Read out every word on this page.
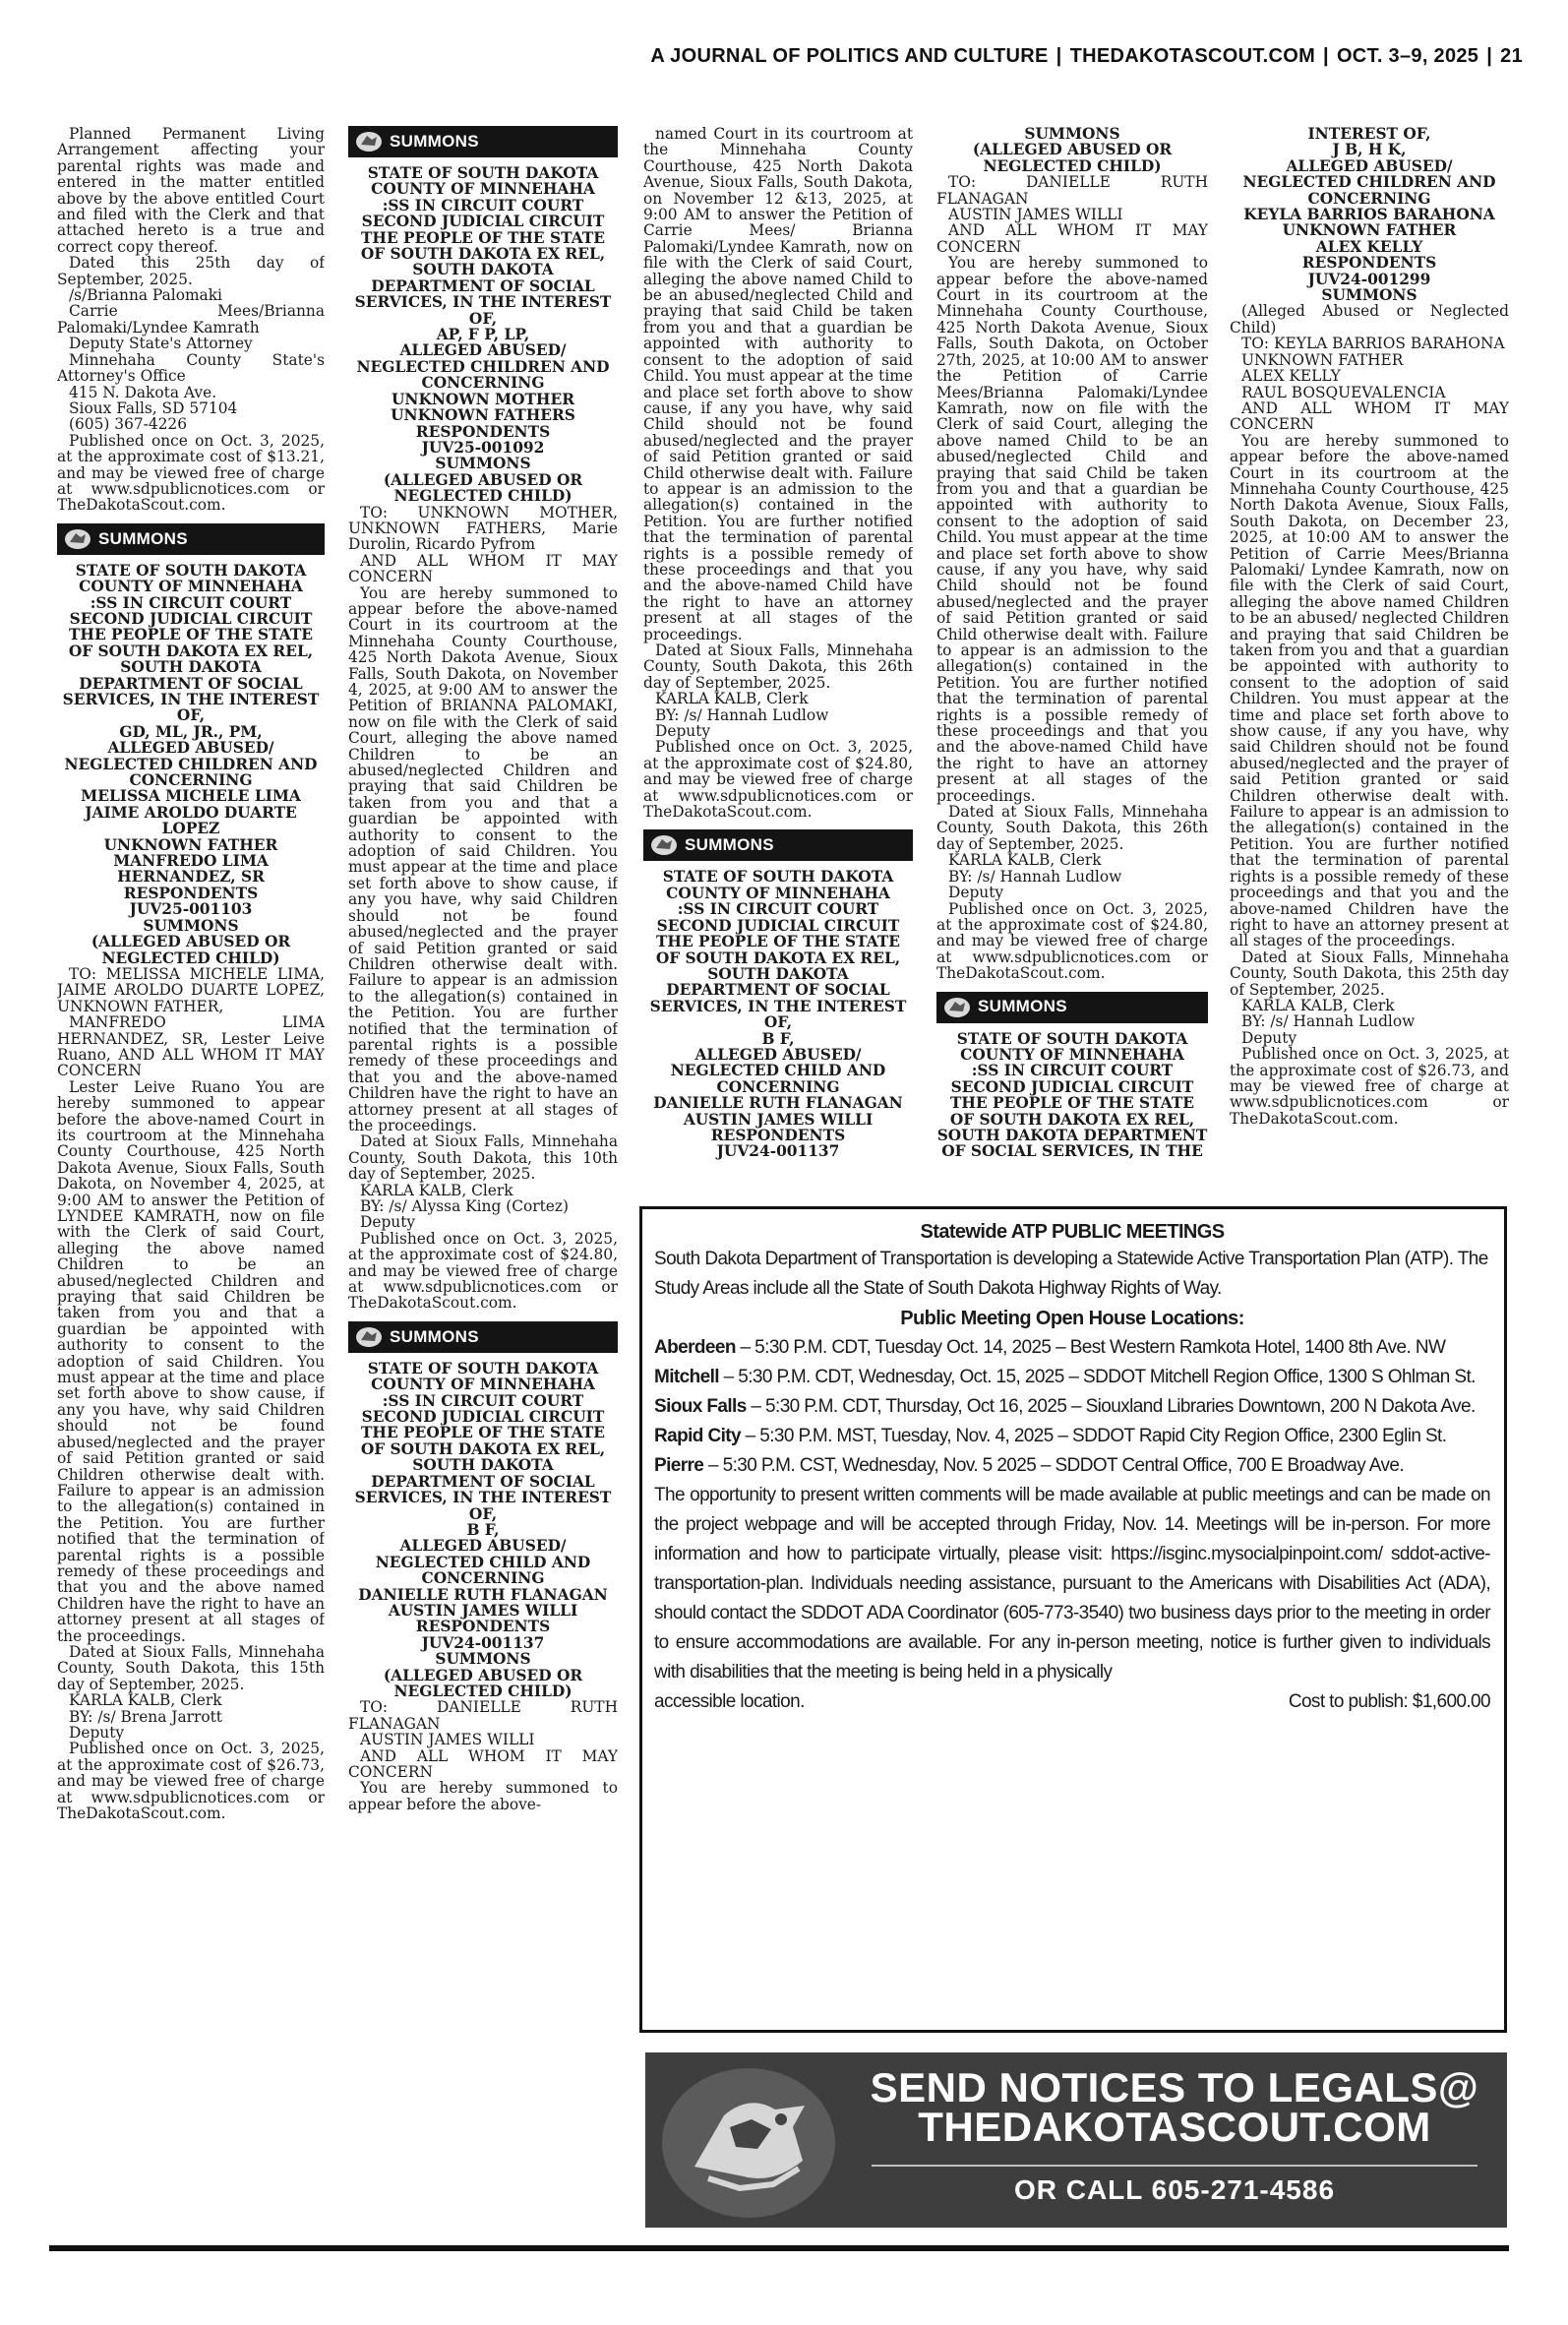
A JOURNAL OF POLITICS AND CULTURE | THEDAKOTASCOUT.COM | OCT. 3–9, 2025 | 21

Planned Permanent Living Arrangement affecting your parental rights was made and entered in the matter entitled above by the above entitled Court and filed with the Clerk and that attached hereto is a true and correct copy thereof.

Dated this 25th day of September, 2025.

/s/Brianna Palomaki

Carrie Mees/Brianna Palomaki/Lyndee Kamrath

Deputy State's Attorney

Minnehaha County State's Attorney's Office

415 N. Dakota Ave.

Sioux Falls, SD 57104

(605) 367-4226

Published once on Oct. 3, 2025, at the approximate cost of $13.21, and may be viewed free of charge at www.sdpublicnotices.com or TheDakotaScout.com.

SUMMONS

STATE OF SOUTH DAKOTA
COUNTY OF MINNEHAHA
:SS IN CIRCUIT COURT
SECOND JUDICIAL CIRCUIT
THE PEOPLE OF THE STATE OF SOUTH DAKOTA EX REL, SOUTH DAKOTA DEPARTMENT OF SOCIAL SERVICES, IN THE INTEREST OF,
GD, ML, JR., PM,
ALLEGED ABUSED/ NEGLECTED CHILDREN AND CONCERNING
MELISSA MICHELE LIMA
JAIME AROLDO DUARTE LOPEZ
UNKNOWN FATHER
MANFREDO LIMA HERNANDEZ, SR
RESPONDENTS
JUV25-001103
SUMMONS
(ALLEGED ABUSED OR NEGLECTED CHILD)

TO: MELISSA MICHELE LIMA, JAIME AROLDO DUARTE LOPEZ, UNKNOWN FATHER,

MANFREDO LIMA HERNANDEZ, SR, Lester Leive Ruano, AND ALL WHOM IT MAY CONCERN

Lester Leive Ruano You are hereby summoned to appear before the above-named Court in its courtroom at the Minnehaha County Courthouse, 425 North Dakota Avenue, Sioux Falls, South Dakota, on November 4, 2025, at 9:00 AM to answer the Petition of LYNDEE KAMRATH, now on file with the Clerk of said Court, alleging the above named Children to be an abused/neglected Children and praying that said Children be taken from you and that a guardian be appointed with authority to consent to the adoption of said Children. You must appear at the time and place set forth above to show cause, if any you have, why said Children should not be found abused/neglected and the prayer of said Petition granted or said Children otherwise dealt with. Failure to appear is an admission to the allegation(s) contained in the Petition. You are further notified that the termination of parental rights is a possible remedy of these proceedings and that you and the above named Children have the right to have an attorney present at all stages of the proceedings.

Dated at Sioux Falls, Minnehaha County, South Dakota, this 15th day of September, 2025.

KARLA KALB, Clerk

BY: /s/ Brena Jarrott

Deputy

Published once on Oct. 3, 2025, at the approximate cost of $26.73, and may be viewed free of charge at www.sdpublicnotices.com or TheDakotaScout.com.

SUMMONS

STATE OF SOUTH DAKOTA
COUNTY OF MINNEHAHA
:SS IN CIRCUIT COURT
SECOND JUDICIAL CIRCUIT
THE PEOPLE OF THE STATE OF SOUTH DAKOTA EX REL, SOUTH DAKOTA DEPARTMENT OF SOCIAL SERVICES, IN THE INTEREST OF,
AP, F P, LP,
ALLEGED ABUSED/ NEGLECTED CHILDREN AND CONCERNING
UNKNOWN MOTHER
UNKNOWN FATHERS
RESPONDENTS
JUV25-001092
SUMMONS
(ALLEGED ABUSED OR NEGLECTED CHILD)

TO: UNKNOWN MOTHER, UNKNOWN FATHERS, Marie Durolin, Ricardo Pyfrom

AND ALL WHOM IT MAY CONCERN

You are hereby summoned to appear before the above-named Court in its courtroom at the Minnehaha County Courthouse, 425 North Dakota Avenue, Sioux Falls, South Dakota, on November 4, 2025, at 9:00 AM to answer the Petition of BRIANNA PALOMAKI, now on file with the Clerk of said Court, alleging the above named Children to be an abused/neglected Children and praying that said Children be taken from you and that a guardian be appointed with authority to consent to the adoption of said Children. You must appear at the time and place set forth above to show cause, if any you have, why said Children should not be found abused/neglected and the prayer of said Petition granted or said Children otherwise dealt with. Failure to appear is an admission to the allegation(s) contained in the Petition. You are further notified that the termination of parental rights is a possible remedy of these proceedings and that you and the above-named Children have the right to have an attorney present at all stages of the proceedings.

Dated at Sioux Falls, Minnehaha County, South Dakota, this 10th day of September, 2025.

KARLA KALB, Clerk

BY: /s/ Alyssa King (Cortez)

Deputy

Published once on Oct. 3, 2025, at the approximate cost of $24.80, and may be viewed free of charge at www.sdpublicnotices.com or TheDakotaScout.com.

SUMMONS

STATE OF SOUTH DAKOTA
COUNTY OF MINNEHAHA
:SS IN CIRCUIT COURT
SECOND JUDICIAL CIRCUIT
THE PEOPLE OF THE STATE OF SOUTH DAKOTA EX REL, SOUTH DAKOTA DEPARTMENT OF SOCIAL SERVICES, IN THE INTEREST OF,
B F,
ALLEGED ABUSED/ NEGLECTED CHILD AND CONCERNING
DANIELLE RUTH FLANAGAN
AUSTIN JAMES WILLI
RESPONDENTS
JUV24-001137
SUMMONS
(ALLEGED ABUSED OR NEGLECTED CHILD)

TO: DANIELLE RUTH FLANAGAN

AUSTIN JAMES WILLI

AND ALL WHOM IT MAY CONCERN

You are hereby summoned to appear before the above-

named Court in its courtroom at the Minnehaha County Courthouse, 425 North Dakota Avenue, Sioux Falls, South Dakota, on November 12 &13, 2025, at 9:00 AM to answer the Petition of Carrie Mees/ Brianna Palomaki/Lyndee Kamrath, now on file with the Clerk of said Court, alleging the above named Child to be an abused/neglected Child and praying that said Child be taken from you and that a guardian be appointed with authority to consent to the adoption of said Child. You must appear at the time and place set forth above to show cause, if any you have, why said Child should not be found abused/neglected and the prayer of said Petition granted or said Child otherwise dealt with. Failure to appear is an admission to the allegation(s) contained in the Petition. You are further notified that the termination of parental rights is a possible remedy of these proceedings and that you and the above-named Child have the right to have an attorney present at all stages of the proceedings.

Dated at Sioux Falls, Minnehaha County, South Dakota, this 26th day of September, 2025.

KARLA KALB, Clerk

BY: /s/ Hannah Ludlow

Deputy

Published once on Oct. 3, 2025, at the approximate cost of $24.80, and may be viewed free of charge at www.sdpublicnotices.com or TheDakotaScout.com.

SUMMONS

STATE OF SOUTH DAKOTA
COUNTY OF MINNEHAHA
:SS IN CIRCUIT COURT
SECOND JUDICIAL CIRCUIT
THE PEOPLE OF THE STATE OF SOUTH DAKOTA EX REL, SOUTH DAKOTA DEPARTMENT OF SOCIAL SERVICES, IN THE INTEREST OF,
B F,
ALLEGED ABUSED/ NEGLECTED CHILD AND CONCERNING
DANIELLE RUTH FLANAGAN
AUSTIN JAMES WILLI
RESPONDENTS
JUV24-001137

SUMMONS
(ALLEGED ABUSED OR NEGLECTED CHILD)

TO: DANIELLE RUTH FLANAGAN

AUSTIN JAMES WILLI

AND ALL WHOM IT MAY CONCERN

You are hereby summoned to appear before the above-named Court in its courtroom at the Minnehaha County Courthouse, 425 North Dakota Avenue, Sioux Falls, South Dakota, on October 27th, 2025, at 10:00 AM to answer the Petition of Carrie Mees/Brianna Palomaki/Lyndee Kamrath, now on file with the Clerk of said Court, alleging the above named Child to be an abused/neglected Child and praying that said Child be taken from you and that a guardian be appointed with authority to consent to the adoption of said Child. You must appear at the time and place set forth above to show cause, if any you have, why said Child should not be found abused/neglected and the prayer of said Petition granted or said Child otherwise dealt with. Failure to appear is an admission to the allegation(s) contained in the Petition. You are further notified that the termination of parental rights is a possible remedy of these proceedings and that you and the above-named Child have the right to have an attorney present at all stages of the proceedings.

Dated at Sioux Falls, Minnehaha County, South Dakota, this 26th day of September, 2025.

KARLA KALB, Clerk

BY: /s/ Hannah Ludlow

Deputy

Published once on Oct. 3, 2025, at the approximate cost of $24.80, and may be viewed free of charge at www.sdpublicnotices.com or TheDakotaScout.com.

SUMMONS

STATE OF SOUTH DAKOTA
COUNTY OF MINNEHAHA
:SS IN CIRCUIT COURT
SECOND JUDICIAL CIRCUIT
THE PEOPLE OF THE STATE OF SOUTH DAKOTA EX REL, SOUTH DAKOTA DEPARTMENT OF SOCIAL SERVICES, IN THE

INTEREST OF,
J B, H K,
ALLEGED ABUSED/ NEGLECTED CHILDREN AND CONCERNING
KEYLA BARRIOS BARAHONA
UNKNOWN FATHER
ALEX KELLY
RESPONDENTS
JUV24-001299
SUMMONS

(Alleged Abused or Neglected Child)

TO: KEYLA BARRIOS BARAHONA

UNKNOWN FATHER

ALEX KELLY

RAUL BOSQUEVALENCIA

AND ALL WHOM IT MAY CONCERN

You are hereby summoned to appear before the above-named Court in its courtroom at the Minnehaha County Courthouse, 425 North Dakota Avenue, Sioux Falls, South Dakota, on December 23, 2025, at 10:00 AM to answer the Petition of Carrie Mees/Brianna Palomaki/ Lyndee Kamrath, now on file with the Clerk of said Court, alleging the above named Children to be an abused/ neglected Children and praying that said Children be taken from you and that a guardian be appointed with authority to consent to the adoption of said Children. You must appear at the time and place set forth above to show cause, if any you have, why said Children should not be found abused/neglected and the prayer of said Petition granted or said Children otherwise dealt with. Failure to appear is an admission to the allegation(s) contained in the Petition. You are further notified that the termination of parental rights is a possible remedy of these proceedings and that you and the above-named Children have the right to have an attorney present at all stages of the proceedings.

Dated at Sioux Falls, Minnehaha County, South Dakota, this 25th day of September, 2025.

KARLA KALB, Clerk

BY: /s/ Hannah Ludlow

Deputy

Published once on Oct. 3, 2025, at the approximate cost of $26.73, and may be viewed free of charge at www.sdpublicnotices.com or TheDakotaScout.com.

Statewide ATP PUBLIC MEETINGS

South Dakota Department of Transportation is developing a Statewide Active Transportation Plan (ATP). The Study Areas include all the State of South Dakota Highway Rights of Way.

Public Meeting Open House Locations:

Aberdeen – 5:30 P.M. CDT, Tuesday Oct. 14, 2025 – Best Western Ramkota Hotel, 1400 8th Ave. NW

Mitchell – 5:30 P.M. CDT, Wednesday, Oct. 15, 2025 – SDDOT Mitchell Region Office, 1300 S Ohlman St.

Sioux Falls – 5:30 P.M. CDT, Thursday, Oct 16, 2025 – Siouxland Libraries Downtown, 200 N Dakota Ave.

Rapid City – 5:30 P.M. MST, Tuesday, Nov. 4, 2025 – SDDOT Rapid City Region Office, 2300 Eglin St.

Pierre – 5:30 P.M. CST, Wednesday, Nov. 5 2025 – SDDOT Central Office, 700 E Broadway Ave.

The opportunity to present written comments will be made available at public meetings and can be made on the project webpage and will be accepted through Friday, Nov. 14. Meetings will be in-person. For more information and how to participate virtually, please visit: https://isginc.mysocialpinpoint.com/ sddot-active-transportation-plan. Individuals needing assistance, pursuant to the Americans with Disabilities Act (ADA), should contact the SDDOT ADA Coordinator (605-773-3540) two business days prior to the meeting in order to ensure accommodations are available. For any in-person meeting, notice is further given to individuals with disabilities that the meeting is being held in a physically

accessible location.	Cost to publish: $1,600.00

SEND NOTICES TO LEGALS@
THEDAKOTASCOUT.COM
OR CALL 605-271-4586
